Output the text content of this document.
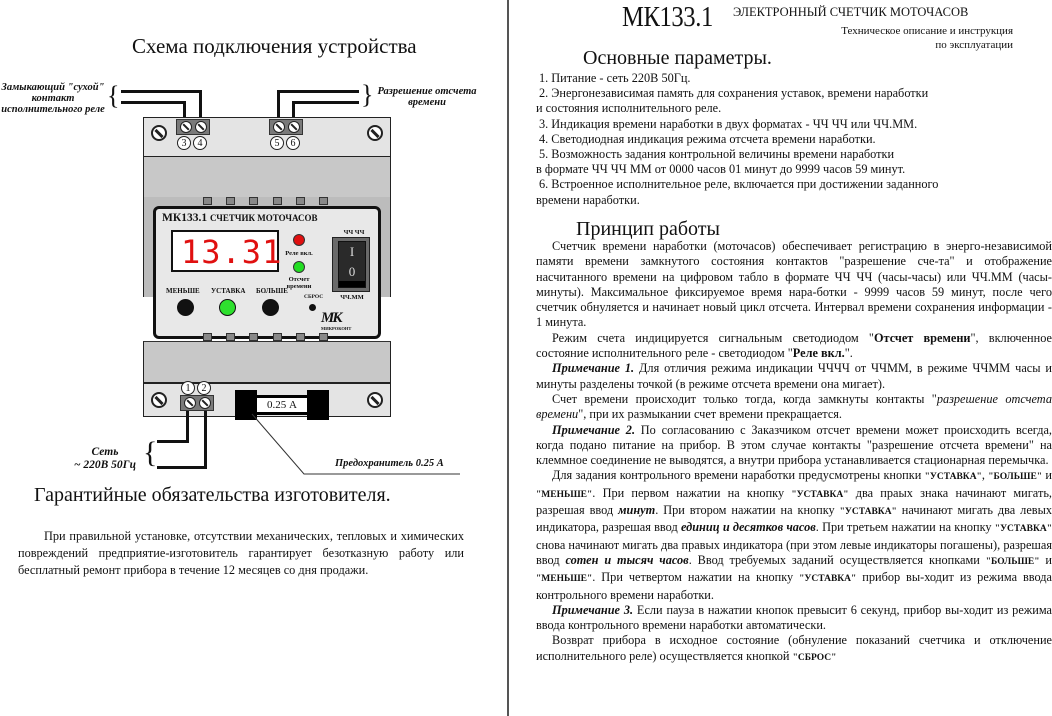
Схема подключения устройства
Замыкающий "сухой"
контакт
исполнительного реле {	} Разрешение отсчета
времени
3	4	5	6
МК133.1 СЧЕТЧИК МОТОЧАСОВ
13.31 Реле вкл.
Отсчет
времени
ЧЧ ЧЧ
I
0
ЧЧ.ММ
МЕНЬШЕ УСТАВКА БОЛЬШЕ
СБРОС
МК
МИКРОКОНТ
1	2
0.25 А
{
Сеть
~ 220В 50Гц	Предохранитель 0.25 А
Гарантийные обязательства изготовителя.
При правильной установке, отсутствии механических, тепловых и химических повреждений предприятие-изготовитель гарантирует безотказную работу или бесплатный ремонт прибора в течение 12 месяцев со дня продажи.
МК133.1 ЭЛЕКТРОННЫЙ СЧЕТЧИК МОТОЧАСОВ
Техническое описание и инструкция
по эксплуатации
Основные параметры.

1. Питание - сеть 220В 50Гц.

2. Энергонезависимая память для сохранения уставок, времени наработки

и состояния исполнительного реле.

3. Индикация времени наработки в двух форматах - ЧЧ ЧЧ или ЧЧ.ММ.

4. Светодиодная индикация режима отсчета времени наработки.

5. Возможность задания контрольной величины времени наработки

в формате ЧЧ ЧЧ ММ от 0000 часов 01 минут до 9999 часов 59 минут.

6. Встроенное исполнительное реле, включается при достижении заданного

времени наработки.

Принцип работы

Счетчик времени наработки (моточасов) обеспечивает регистрацию в энерго-независимой памяти времени замкнутого состояния контактов "разрешение сче-та" и отображение насчитанного времени на цифровом табло в формате ЧЧ ЧЧ (часы-часы) или ЧЧ.ММ (часы-минуты). Максимальное фиксируемое время нара-ботки - 9999 часов 59 минут, после чего счетчик обнуляется и начинает новый цикл отсчета. Интервал времени сохранения информации - 1 минута.

Режим счета индицируется сигнальным светодиодом "Отсчет времени", включенное состояние исполнительного реле - светодиодом "Реле вкл.".

Примечание 1. Для отличия режима индикации ЧЧЧЧ от ЧЧММ, в режиме ЧЧММ часы и минуты разделены точкой (в режиме отсчета времени она мигает).

Счет времени происходит только тогда, когда замкнуты контакты "разрешение отсчета времени", при их размыкании счет времени прекращается.

Примечание 2. По согласованию с Заказчиком отсчет времени может происходить всегда, когда подано питание на прибор. В этом случае контакты "разрешение отсчета времени" на клеммное соединение не выводятся, а внутри прибора устанавливается стационарная перемычка.

Для задания контрольного времени наработки предусмотрены кнопки "УСТАВКА", "БОЛЬШЕ" и "МЕНЬШЕ". При первом нажатии на кнопку "УСТАВКА" два праых знака начинают мигать, разрешая ввод минут. При втором нажатии на кнопку "УСТАВКА" начинают мигать два левых индикатора, разрешая ввод единиц и десятков часов. При третьем нажатии на кнопку "УСТАВКА" снова начинают мигать два правых индикатора (при этом левые индикаторы погашены), разрешая ввод сотен и тысяч часов. Ввод требуемых заданий осуществляется кнопками "БОЛЬШЕ" и "МЕНЬШЕ". При четвертом нажатии на кнопку "УСТАВКА" прибор вы-ходит из режима ввода контрольного времени наработки.

Примечание 3. Если пауза в нажатии кнопок превысит 6 секунд, прибор вы-ходит из режима ввода контрольного времени наработки автоматически.

Возврат прибора в исходное состояние (обнуление показаний счетчика и отключение исполнительного реле) осуществляется кнопкой "СБРОС"
